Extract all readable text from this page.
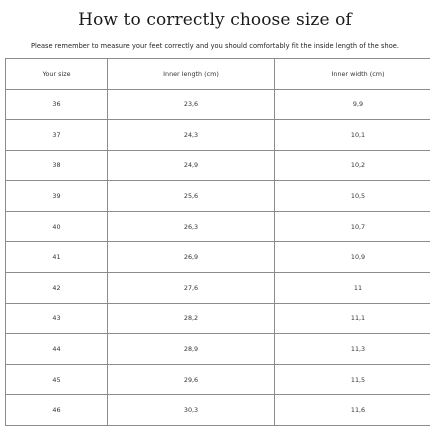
How to correctly choose size of
Please remember to measure your feet correctly and you should comfortably fit the inside length of the shoe.
Your size	Inner length (cm)	Inner width (cm)
36	23,6	9,9
37	24,3	10,1
38	24,9	10,2
39	25,6	10,5
40	26,3	10,7
41	26,9	10,9
42	27,6	11
43	28,2	11,1
44	28,9	11,3
45	29,6	11,5
46	30,3	11,6
